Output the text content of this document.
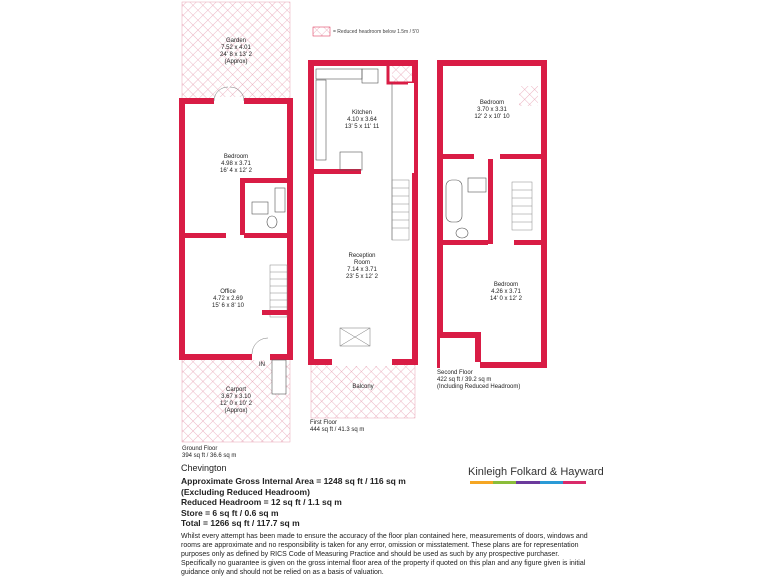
Garden 7.52 x 4.01 24' 8 x 13' 2 (Approx)
Bedroom 4.98 x 3.71 16' 4 x 12' 2
Office 4.72 x 2.69 15' 6 x 8' 10
Carport 3.67 x 3.10 12' 0 x 10' 2 (Approx)
Kitchen 4.10 x 3.64 13' 5 x 11' 11
Reception Room 7.14 x 3.71 23' 5 x 12' 2
Balcony
Bedroom 3.70 x 3.31 12' 2 x 10' 10
Bedroom 4.26 x 3.71 14' 0 x 12' 2
IN
= Reduced headroom below 1.5m / 5'0
Ground Floor
394 sq ft / 36.6 sq m
First Floor
444 sq ft / 41.3 sq m
Second Floor
422 sq ft / 39.2 sq m
(Including Reduced Headroom)
Chevington
Approximate Gross Internal Area = 1248 sq ft / 116 sq m
(Excluding Reduced Headroom)
Reduced Headroom = 12 sq ft / 1.1 sq m
Store = 6 sq ft / 0.6 sq m
Total = 1266 sq ft / 117.7 sq m
Whilst every attempt has been made to ensure the accuracy of the floor plan contained here, measurements of doors, windows and rooms are approximate and no responsibility is taken for any error, omission or misstatement. These plans are for representation purposes only as defined by RICS Code of Measuring Practice and should be used as such by any prospective purchaser. Specifically no guarantee is given on the gross internal floor area of the property if quoted on this plan and any figure given is initial guidance only and should not be relied on as a basis of valuation.
Kinleigh Folkard & Hayward
